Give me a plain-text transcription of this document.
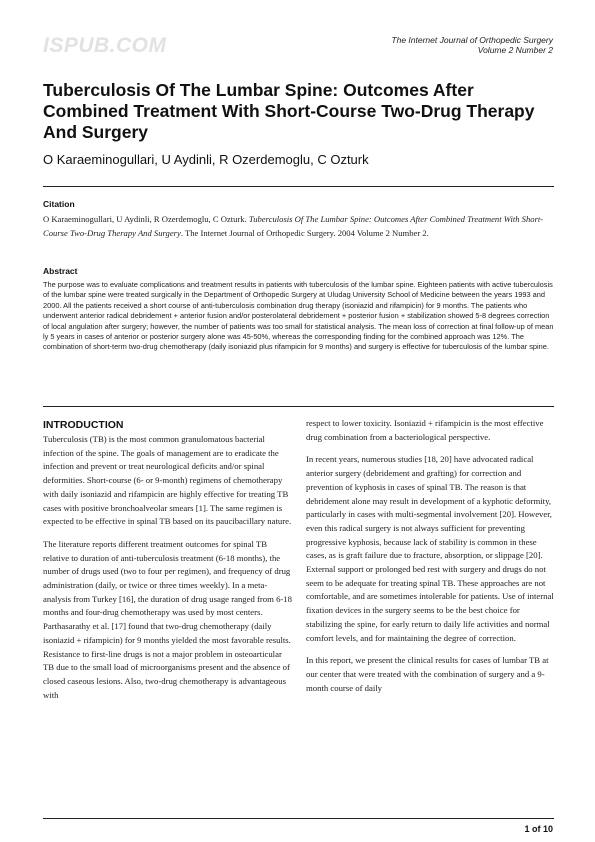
ISPUB.COM	The Internet Journal of Orthopedic Surgery
Volume 2 Number 2
Tuberculosis Of The Lumbar Spine: Outcomes After Combined Treatment With Short-Course Two-Drug Therapy And Surgery
O Karaeminogullari, U Aydinli, R Ozerdemoglu, C Ozturk
Citation
O Karaeminogullari, U Aydinli, R Ozerdemoglu, C Ozturk. Tuberculosis Of The Lumbar Spine: Outcomes After Combined Treatment With Short-Course Two-Drug Therapy And Surgery. The Internet Journal of Orthopedic Surgery. 2004 Volume 2 Number 2.
Abstract

The purpose was to evaluate complications and treatment results in patients with tuberculosis of the lumbar spine. Eighteen patients with active tuberculosis of the lumbar spine were treated surgically in the Department of Orthopedic Surgery at Uludag University School of Medicine between the years 1993 and 2000. All the patients received a short course of anti-tuberculosis combination drug therapy (isoniazid and rifampicin) for 9 months. The patients who underwent anterior radical debridement + anterior fusion and/or posterolateral debridement + posterior fusion + stabilization showed 5-8 degrees correction of local angulation after surgery; however, the number of patients was too small for statistical analysis. The mean loss of correction at final follow-up of mean ly 5 years in cases of anterior or posterior surgery alone was 45-50%, whereas the corresponding finding for the combined approach was 12%. The combination of short-term two-drug chemotherapy (daily isoniazid plus rifampicin for 9 months) and surgery is effective for tuberculosis of the lumbar spine.

INTRODUCTION

Tuberculosis (TB) is the most common granulomatous bacterial infection of the spine. The goals of management are to eradicate the infection and prevent or treat neurological deficits and/or spinal deformities. Short-course (6- or 9-month) regimens of chemotherapy with daily isoniazid and rifampicin are highly effective for treating TB cases with positive bronchoalveolar smears [1]. The same regimen is expected to be effective in spinal TB based on its paucibacillary nature.

The literature reports different treatment outcomes for spinal TB relative to duration of anti-tuberculosis treatment (6-18 months), the number of drugs used (two to four per regimen), and frequency of drug administration (daily, or twice or three times weekly). In a meta-analysis from Turkey [16], the duration of drug usage ranged from 6-18 months and four-drug chemotherapy was used by most centers. Parthasarathy et al. [17] found that two-drug chemotherapy (daily isoniazid + rifampicin) for 9 months yielded the most favorable results. Resistance to first-line drugs is not a major problem in osteoarticular TB due to the small load of microorganisms present and the absence of closed caseous lesions. Also, two-drug chemotherapy is advantageous with

respect to lower toxicity. Isoniazid + rifampicin is the most effective drug combination from a bacteriological perspective.

In recent years, numerous studies [18, 20] have advocated radical anterior surgery (debridement and grafting) for correction and prevention of kyphosis in cases of spinal TB. The reason is that debridement alone may result in development of a kyphotic deformity, particularly in cases with multi-segmental involvement [20]. However, even this radical surgery is not always sufficient for preventing progressive kyphosis, because lack of stability is common in these cases, as is graft failure due to fracture, absorption, or slippage [20]. External support or prolonged bed rest with surgery and drugs do not seem to be adequate for treating spinal TB. These approaches are not comfortable, and are sometimes intolerable for patients. Use of internal fixation devices in the surgery seems to be the best choice for stabilizing the spine, for early return to daily life activities and normal comfort levels, and for maintaining the degree of correction.

In this report, we present the clinical results for cases of lumbar TB at our center that were treated with the combination of surgery and a 9-month course of daily

1 of 10
